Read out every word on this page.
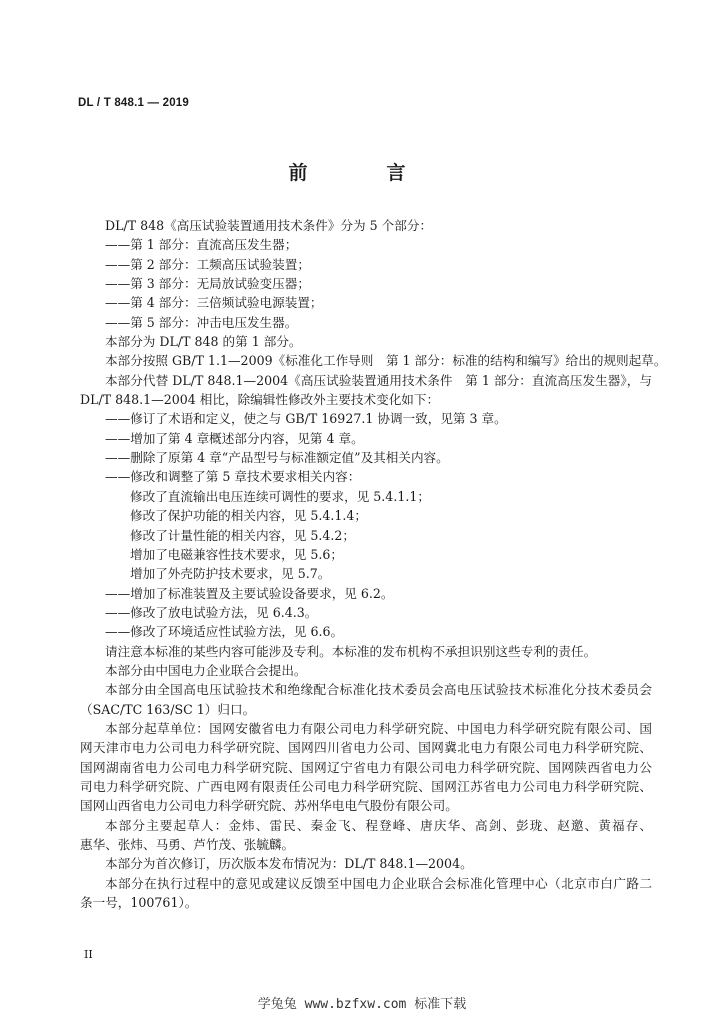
DL / T 848.1 — 2019
前　言
DL/T 848《高压试验装置通用技术条件》分为 5 个部分：
——第 1 部分：直流高压发生器；
——第 2 部分：工频高压试验装置；
——第 3 部分：无局放试验变压器；
——第 4 部分：三倍频试验电源装置；
——第 5 部分：冲击电压发生器。
本部分为 DL/T 848 的第 1 部分。
本部分按照 GB/T 1.1—2009《标准化工作导则　第 1 部分：标准的结构和编写》给出的规则起草。
本部分代替 DL/T 848.1—2004《高压试验装置通用技术条件　第 1 部分：直流高压发生器》，与
DL/T 848.1—2004 相比，除编辑性修改外主要技术变化如下：
——修订了术语和定义，使之与 GB/T 16927.1 协调一致，见第 3 章。
——增加了第 4 章概述部分内容，见第 4 章。
——删除了原第 4 章“产品型号与标准额定值”及其相关内容。
——修改和调整了第 5 章技术要求相关内容：
修改了直流输出电压连续可调性的要求，见 5.4.1.1；
修改了保护功能的相关内容，见 5.4.1.4；
修改了计量性能的相关内容，见 5.4.2；
增加了电磁兼容性技术要求，见 5.6；
增加了外壳防护技术要求，见 5.7。
——增加了标准装置及主要试验设备要求，见 6.2。
——修改了放电试验方法，见 6.4.3。
——修改了环境适应性试验方法，见 6.6。
请注意本标准的某些内容可能涉及专利。本标准的发布机构不承担识别这些专利的责任。
本部分由中国电力企业联合会提出。
本部分由全国高电压试验技术和绝缘配合标准化技术委员会高电压试验技术标准化分技术委员会
（SAC/TC 163/SC 1）归口。
本部分起草单位：国网安徽省电力有限公司电力科学研究院、中国电力科学研究院有限公司、国
网天津市电力公司电力科学研究院、国网四川省电力公司、国网冀北电力有限公司电力科学研究院、
国网湖南省电力公司电力科学研究院、国网辽宁省电力有限公司电力科学研究院、国网陕西省电力公
司电力科学研究院、广西电网有限责任公司电力科学研究院、国网江苏省电力公司电力科学研究院、
国网山西省电力公司电力科学研究院、苏州华电电气股份有限公司。
本部分主要起草人：金炜、雷民、秦金飞、程登峰、唐庆华、高剑、彭珑、赵邀、黄福存、
惠华、张炜、马勇、芦竹茂、张毓麟。
本部分为首次修订，历次版本发布情况为：DL/T 848.1—2004。
本部分在执行过程中的意见或建议反馈至中国电力企业联合会标准化管理中心（北京市白广路二
条一号，100761）。
II
学兔兔 www.bzfxw.com 标准下载
